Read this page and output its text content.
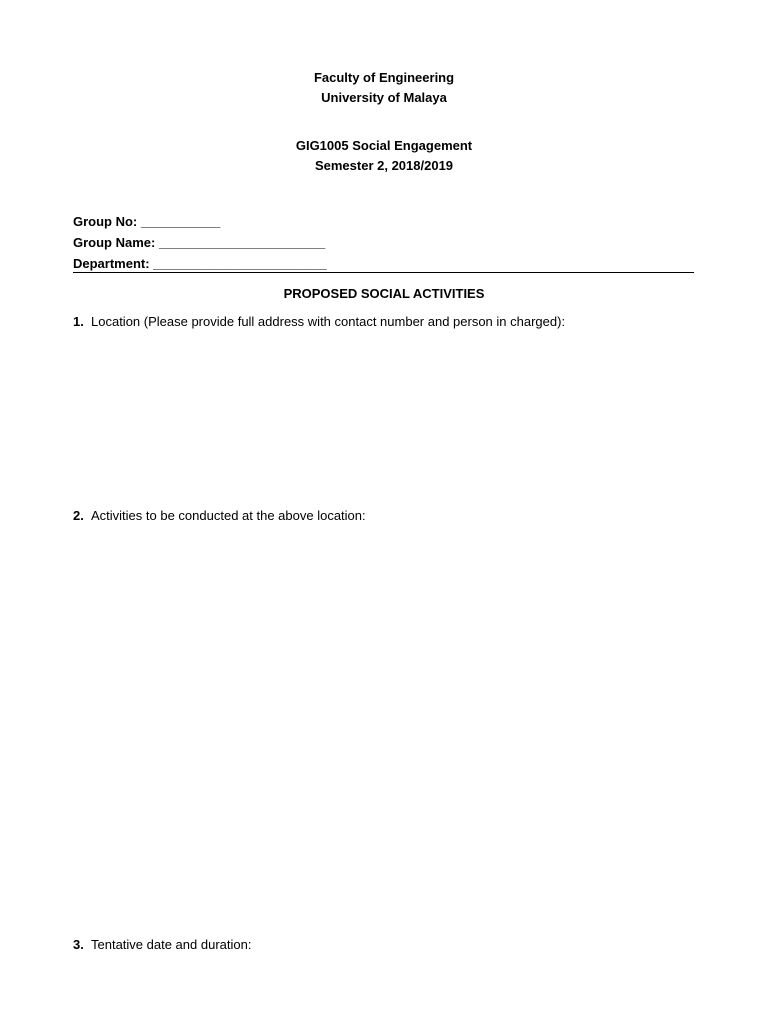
Faculty of Engineering
University of Malaya
GIG1005 Social Engagement
Semester 2, 2018/2019
Group No: ___________
Group Name: _______________________
Department: ________________________
PROPOSED SOCIAL ACTIVITIES
1. Location (Please provide full address with contact number and person in charged):
2. Activities to be conducted at the above location:
3. Tentative date and duration:
